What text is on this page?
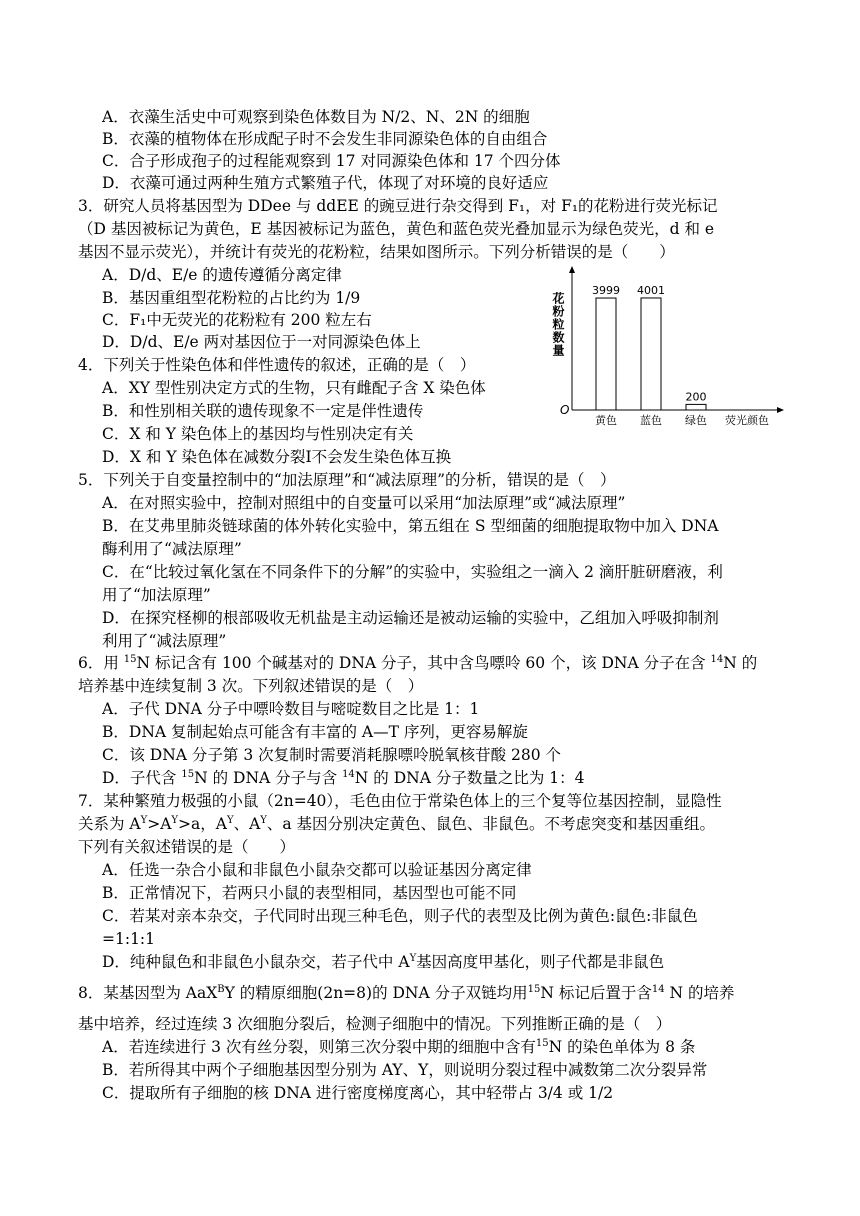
A．衣藻生活史中可观察到染色体数目为 N/2、N、2N 的细胞
B．衣藻的植物体在形成配子时不会发生非同源染色体的自由组合
C．合子形成孢子的过程能观察到 17 对同源染色体和 17 个四分体
D．衣藻可通过两种生殖方式繁殖子代，体现了对环境的良好适应
3．研究人员将基因型为 DDee 与 ddEE 的豌豆进行杂交得到 F₁，对 F₁的花粉进行荧光标记
（D 基因被标记为黄色，E 基因被标记为蓝色，黄色和蓝色荧光叠加显示为绿色荧光，d 和 e
基因不显示荧光），并统计有荧光的花粉粒，结果如图所示。下列分析错误的是（　　）
A．D/d、E/e 的遗传遵循分离定律
B．基因重组型花粉粒的占比约为 1/9
C．F₁中无荧光的花粉粒有 200 粒左右
D．D/d、E/e 两对基因位于一对同源染色体上
4．下列关于性染色体和伴性遗传的叙述，正确的是（　）
A．XY 型性别决定方式的生物，只有雌配子含 X 染色体
B．和性别相关联的遗传现象不一定是伴性遗传
C．X 和 Y 染色体上的基因均与性别决定有关
D．X 和 Y 染色体在减数分裂Ⅰ不会发生染色体互换
5．下列关于自变量控制中的“加法原理”和“减法原理”的分析，错误的是（　）
A．在对照实验中，控制对照组中的自变量可以采用“加法原理”或“减法原理”
B．在艾弗里肺炎链球菌的体外转化实验中，第五组在 S 型细菌的细胞提取物中加入 DNA
酶利用了“减法原理”
C．在“比较过氧化氢在不同条件下的分解”的实验中，实验组之一滴入 2 滴肝脏研磨液，利
用了“加法原理”
D．在探究柽柳的根部吸收无机盐是主动运输还是被动运输的实验中，乙组加入呼吸抑制剂
利用了“减法原理”
6．用 $^{15}$N 标记含有 100 个碱基对的 DNA 分子，其中含鸟嘌呤 60 个，该 DNA 分子在含 $^{14}$N 的
培养基中连续复制 3 次。下列叙述错误的是（　）
A．子代 DNA 分子中嘌呤数目与嘧啶数目之比是 1：1
B．DNA 复制起始点可能含有丰富的 A—T 序列，更容易解旋
C．该 DNA 分子第 3 次复制时需要消耗腺嘌呤脱氧核苷酸 280 个
D．子代含 $^{15}$N 的 DNA 分子与含 $^{14}$N 的 DNA 分子数量之比为 1：4
7．某种繁殖力极强的小鼠（2n=40），毛色由位于常染色体上的三个复等位基因控制，显隐性
关系为 $A^Y>A^Y>a$，$A^Y$、$A^Y$、a 基因分别决定黄色、鼠色、非鼠色。不考虑突变和基因重组。
下列有关叙述错误的是（　　）
A．任选一杂合小鼠和非鼠色小鼠杂交都可以验证基因分离定律
B．正常情况下，若两只小鼠的表型相同，基因型也可能不同
C．若某对亲本杂交，子代同时出现三种毛色，则子代的表型及比例为黄色:鼠色:非鼠色
=1:1:1
D．纯种鼠色和非鼠色小鼠杂交，若子代中 $A^Y$基因高度甲基化，则子代都是非鼠色
8．某基因型为 AaX$^B$Y 的精原细胞(2n=8)的 DNA 分子双链均用$^{15}$N 标记后置于含$^{14}$ N 的培养
基中培养，经过连续 3 次细胞分裂后，检测子细胞中的情况。下列推断正确的是（　）
A．若连续进行 3 次有丝分裂，则第三次分裂中期的细胞中含有$^{15}$N 的染色单体为 8 条
B．若所得其中两个子细胞基因型分别为 AY、Y，则说明分裂过程中减数第二次分裂异常
C．提取所有子细胞的核 DNA 进行密度梯度离心，其中轻带占 3/4 或 1/2
花粉粒数量
O
荧光颜色
3999
黄色
4001
蓝色
200
绿色
